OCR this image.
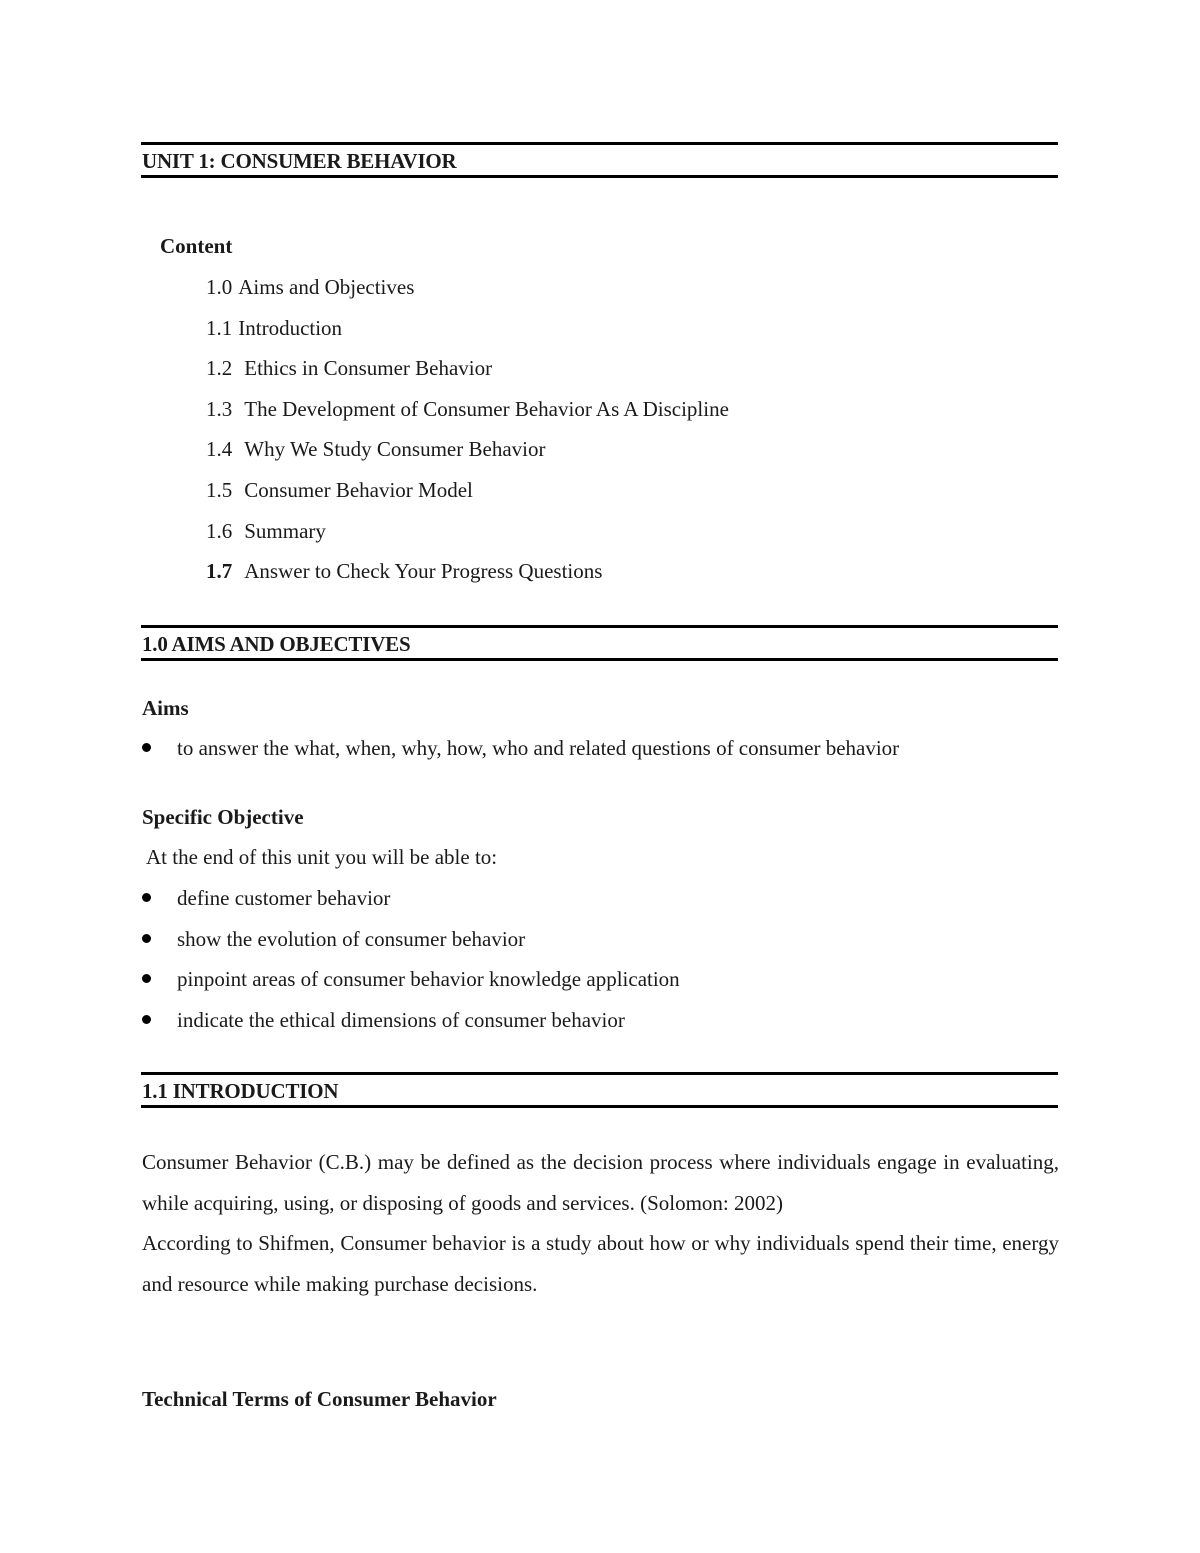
UNIT 1: CONSUMER BEHAVIOR
Content
1.0 Aims and Objectives
1.1 Introduction
1.2 Ethics in Consumer Behavior
1.3 The Development of Consumer Behavior As A Discipline
1.4 Why We Study Consumer Behavior
1.5 Consumer Behavior Model
1.6 Summary
1.7 Answer to Check Your Progress Questions
1.0 AIMS AND OBJECTIVES
Aims
to answer the what, when, why, how, who and related questions of consumer behavior
Specific Objective
At the end of this unit you will be able to:
define customer behavior
show the evolution of consumer behavior
pinpoint areas of consumer behavior knowledge application
indicate the ethical dimensions of consumer behavior
1.1 INTRODUCTION

Consumer Behavior (C.B.) may be defined as the decision process where individuals engage in evaluating, while acquiring, using, or disposing of goods and services. (Solomon: 2002)

According to Shifmen, Consumer behavior is a study about how or why individuals spend their time, energy and resource while making purchase decisions.

Technical Terms of Consumer Behavior
